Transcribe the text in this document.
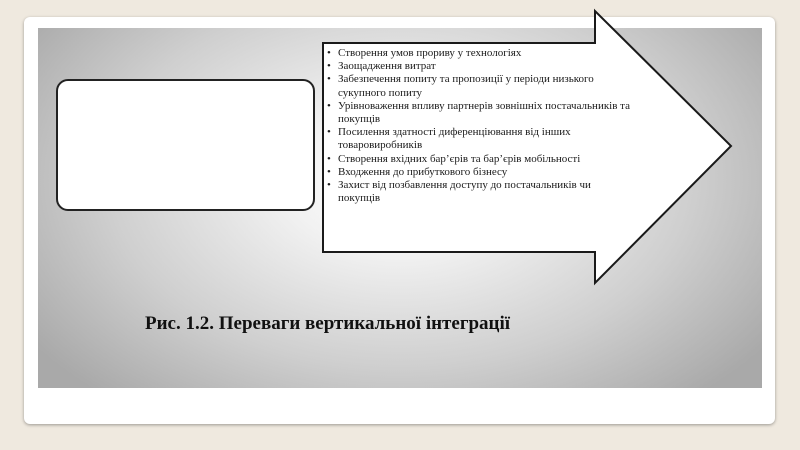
• Створення умов прориву у технологіях
• Заощадження витрат
• Забезпечення попиту та пропозиції у періоди низького сукупного попиту
• Урівноваження впливу партнерів зовнішніх постачальників та покупців
• Посилення здатності диференціювання від інших товаровиробників
• Створення вхідних бар’єрів та бар’єрів мобільності
• Входження до прибуткового бізнесу
• Захист від позбавлення доступу до постачальників чи покупців
Рис. 1.2. Переваги вертикальної інтеграції
